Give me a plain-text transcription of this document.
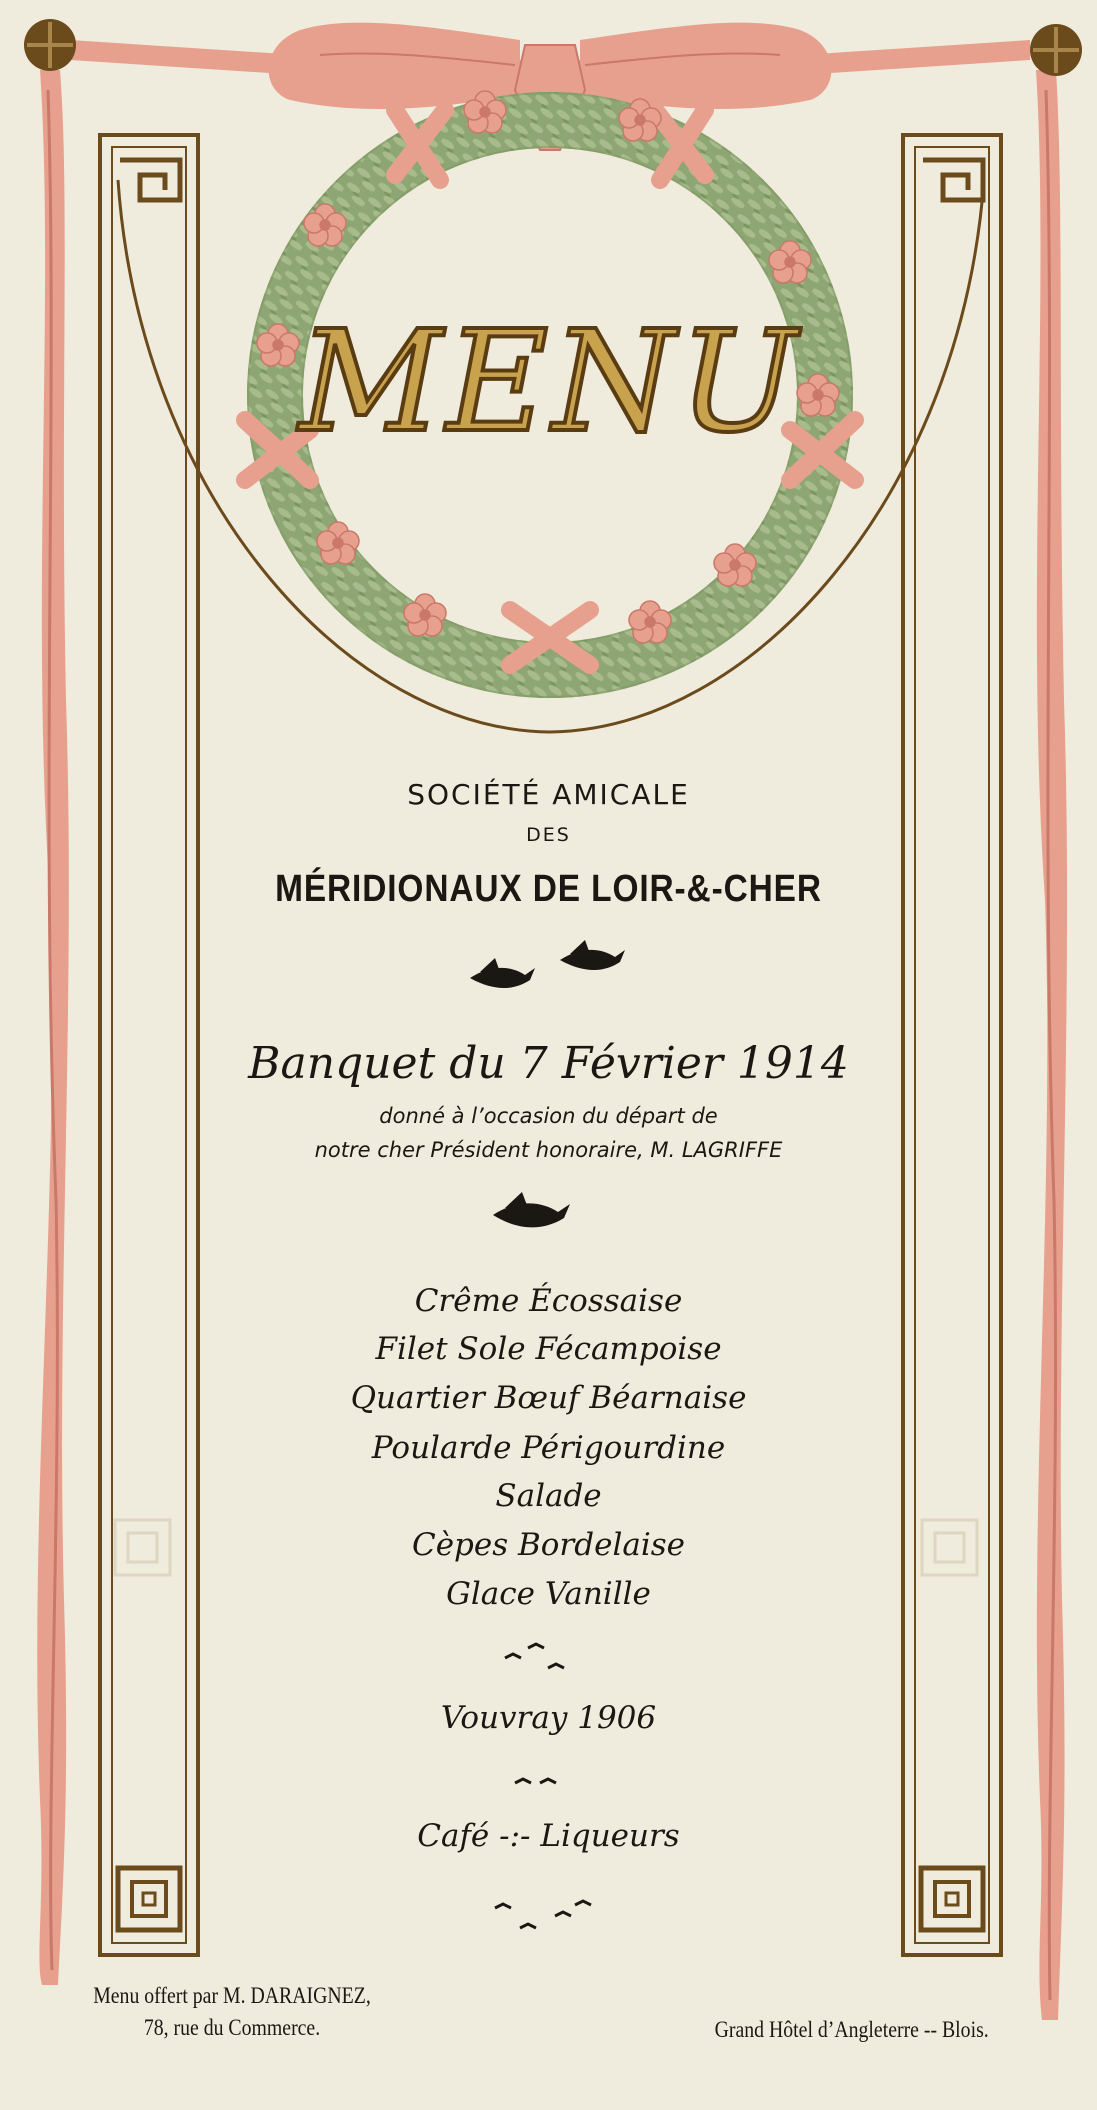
MENU
SOCIÉTÉ AMICALE
DES
MÉRIDIONAUX DE LOIR-&-CHER
Banquet du 7 Février 1914
donné à l’occasion du départ de
notre cher Président honoraire, M. LAGRIFFE
Crême Écossaise
Filet Sole Fécampoise
Quartier Bœuf Béarnaise
Poularde Périgourdine
Salade
Cèpes Bordelaise
Glace Vanille
Vouvray 1906
Café -:- Liqueurs
Menu offert par M. DARAIGNEZ,
78, rue du Commerce.	Grand Hôtel d’Angleterre -- Blois.
